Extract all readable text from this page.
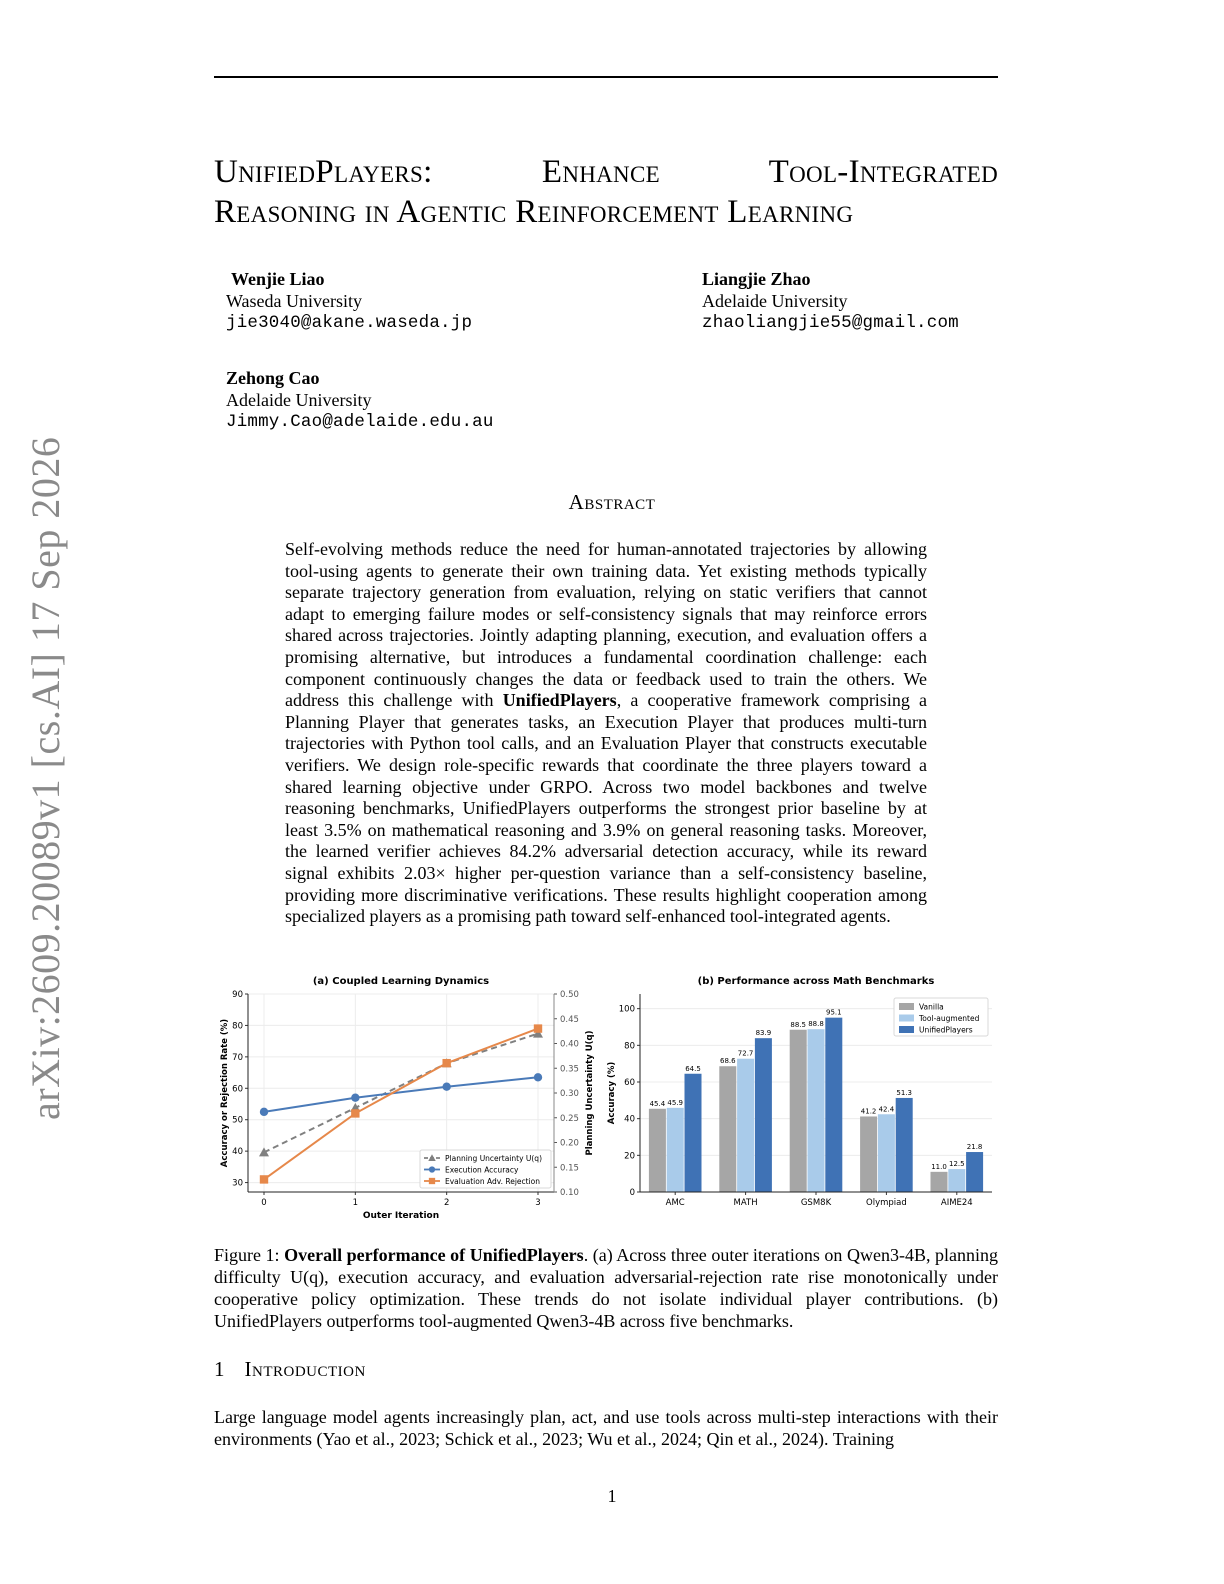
arXiv:2609.20089v1 [cs.AI] 17 Sep 2026
UnifiedPlayers: Enhance Tool-Integrated
Reasoning in Agentic Reinforcement Learning
Wenjie Liao
Waseda University
jie3040@akane.waseda.jp
Liangjie Zhao
Adelaide University
zhaoliangjie55@gmail.com
Zehong Cao
Adelaide University
Jimmy.Cao@adelaide.edu.au
Abstract
Self-evolving methods reduce the need for human-annotated trajectories by allowing tool-using agents to generate their own training data. Yet existing methods typically separate trajectory generation from evaluation, relying on static verifiers that cannot adapt to emerging failure modes or self-consistency signals that may reinforce errors shared across trajectories. Jointly adapting planning, execution, and evaluation offers a promising alternative, but introduces a fundamental coordination challenge: each component continuously changes the data or feedback used to train the others. We address this challenge with UnifiedPlayers, a cooperative framework comprising a Planning Player that generates tasks, an Execution Player that produces multi-turn trajectories with Python tool calls, and an Evaluation Player that constructs executable verifiers. We design role-specific rewards that coordinate the three players toward a shared learning objective under GRPO. Across two model backbones and twelve reasoning benchmarks, UnifiedPlayers outperforms the strongest prior baseline by at least 3.5% on mathematical reasoning and 3.9% on general reasoning tasks. Moreover, the learned verifier achieves 84.2% adversarial detection accuracy, while its reward signal exhibits 2.03× higher per-question variance than a self-consistency baseline, providing more discriminative verifications. These results highlight cooperation among specialized players as a promising path toward self-enhanced tool-integrated agents.
(a) Coupled Learning Dynamics
30
40
50
60
70
80
90
0	1	2	3
0.10
0.15
0.20
0.25
0.30
0.35
0.40
0.45
0.50
Outer Iteration
Accuracy or Rejection Rate (%)	Planning Uncertainty U(q)
Planning Uncertainty U(q)
Execution Accuracy
Evaluation Adv. Rejection
(b) Performance across Math Benchmarks
0
20
40
60
80
100
AMC
45.4 45.9
64.5
MATH
68.6
72.7
83.9
GSM8K
88.5 88.8
95.1
Olympiad
41.2 42.4
51.3
AIME24
11.0 12.5
21.8
Accuracy (%)
Vanilla
Tool-augmented
UnifiedPlayers
Figure 1: Overall performance of UnifiedPlayers. (a) Across three outer iterations on Qwen3-4B, planning difficulty U(q), execution accuracy, and evaluation adversarial-rejection rate rise monotonically under cooperative policy optimization. These trends do not isolate individual player contributions. (b) UnifiedPlayers outperforms tool-augmented Qwen3-4B across five benchmarks.
1 Introduction
Large language model agents increasingly plan, act, and use tools across multi-step interactions with their environments (Yao et al., 2023; Schick et al., 2023; Wu et al., 2024; Qin et al., 2024). Training
1
